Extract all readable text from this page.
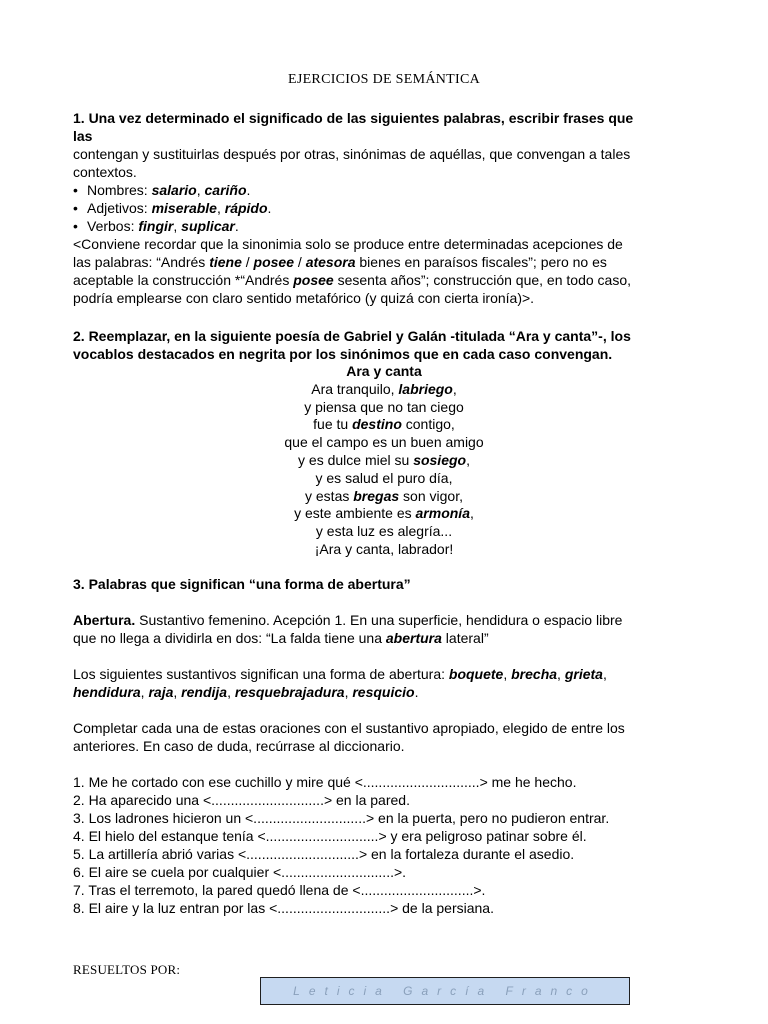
EJERCICIOS DE SEMÁNTICA
1. Una vez determinado el significado de las siguientes palabras, escribir frases que
las
contengan y sustituirlas después por otras, sinónimas de aquéllas, que convengan a tales
contextos.
• Nombres: salario, cariño.
• Adjetivos: miserable, rápido.
• Verbos: fingir, suplicar.
<Conviene recordar que la sinonimia solo se produce entre determinadas acepciones de
las palabras: “Andrés tiene / posee / atesora bienes en paraísos fiscales”; pero no es
aceptable la construcción *“Andrés posee sesenta años”; construcción que, en todo caso,
podría emplearse con claro sentido metafórico (y quizá con cierta ironía)>.
2. Reemplazar, en la siguiente poesía de Gabriel y Galán -titulada “Ara y canta”-, los
vocablos destacados en negrita por los sinónimos que en cada caso convengan.
Ara y canta
Ara tranquilo, labriego,
y piensa que no tan ciego
fue tu destino contigo,
que el campo es un buen amigo
y es dulce miel su sosiego,
y es salud el puro día,
y estas bregas son vigor,
y este ambiente es armonía,
y esta luz es alegría...
¡Ara y canta, labrador!
3. Palabras que significan “una forma de abertura”
Abertura. Sustantivo femenino. Acepción 1. En una superficie, hendidura o espacio libre
que no llega a dividirla en dos: “La falda tiene una abertura lateral”
Los siguientes sustantivos significan una forma de abertura: boquete, brecha, grieta,
hendidura, raja, rendija, resquebrajadura, resquicio.
Completar cada una de estas oraciones con el sustantivo apropiado, elegido de entre los
anteriores. En caso de duda, recúrrase al diccionario.
1. Me he cortado con ese cuchillo y mire qué <..............................> me he hecho.
2. Ha aparecido una <.............................> en la pared.
3. Los ladrones hicieron un <.............................> en la puerta, pero no pudieron entrar.
4. El hielo del estanque tenía <.............................> y era peligroso patinar sobre él.
5. La artillería abrió varias <.............................> en la fortaleza durante el asedio.
6. El aire se cuela por cualquier <.............................>.
7. Tras el terremoto, la pared quedó llena de <.............................>.
8. El aire y la luz entran por las <.............................> de la persiana.
RESUELTOS POR:
Leticia García Franco
